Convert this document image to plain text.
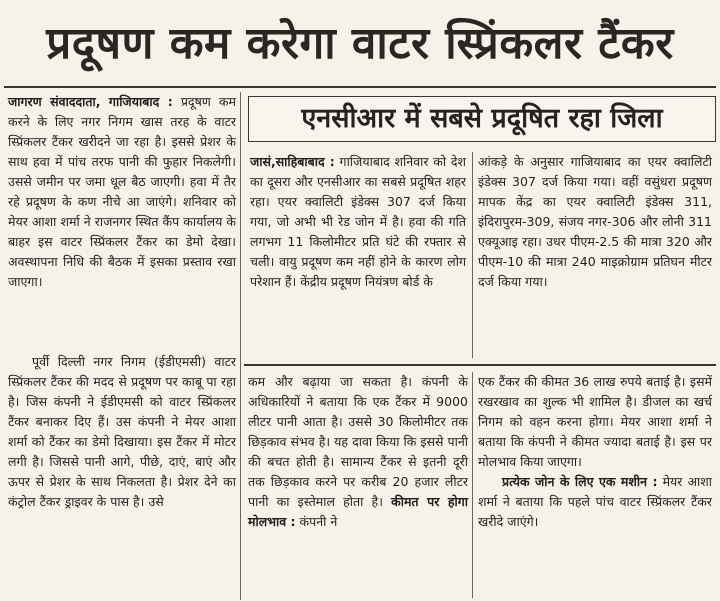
प्रदूषण कम करेगा वाटर स्प्रिंकलर टैंकर

जागरण संवाददाता, गाजियाबाद : प्रदूषण कम करने के लिए नगर निगम खास तरह के वाटर स्प्रिंकलर टैंकर खरीदने जा रहा है। इससे प्रेशर के साथ हवा में पांच तरफ पानी की फुहार निकलेगी। उससे जमीन पर जमा धूल बैठ जाएगी। हवा में तैर रहे प्रदूषण के कण नीचे आ जाएंगे। शनिवार को मेयर आशा शर्मा ने राजनगर स्थित कैंप कार्यालय के बाहर इस वाटर स्प्रिंकलर टैंकर का डेमो देखा। अवस्थापना निधि की बैठक में इसका प्रस्ताव रखा जाएगा।

एनसीआर में सबसे प्रदूषित रहा जिला

जासं,साहिबाबाद : गाजियाबाद शनिवार को देश का दूसरा और एनसीआर का सबसे प्रदूषित शहर रहा। एयर क्वालिटी इंडेक्स 307 दर्ज किया गया, जो अभी भी रेड जोन में है। हवा की गति लगभग 11 किलोमीटर प्रति घंटे की रफ्तार से चली। वायु प्रदूषण कम नहीं होने के कारण लोग परेशान हैं। केंद्रीय प्रदूषण नियंत्रण बोर्ड के

आंकड़े के अनुसार गाजियाबाद का एयर क्वालिटी इंडेक्स 307 दर्ज किया गया। वहीं वसुंधरा प्रदूषण मापक केंद्र का एयर क्वालिटी इंडेक्स 311, इंदिरापुरम-309, संजय नगर-306 और लोनी 311 एक्यूआइ रहा। उधर पीएम-2.5 की मात्रा 320 और पीएम-10 की मात्रा 240 माइक्रोग्राम प्रतिघन मीटर दर्ज किया गया।

पूर्वी दिल्ली नगर निगम (ईडीएमसी) वाटर स्प्रिंकलर टैंकर की मदद से प्रदूषण पर काबू पा रहा है। जिस कंपनी ने ईडीएमसी को वाटर स्प्रिंकलर टैंकर बनाकर दिए हैं। उस कंपनी ने मेयर आशा शर्मा को टैंकर का डेमो दिखाया। इस टैंकर में मोटर लगी है। जिससे पानी आगे, पीछे, दाएं, बाएं और ऊपर से प्रेशर के साथ निकलता है। प्रेशर देने का कंट्रोल टैंकर ड्राइवर के पास है। उसे

कम और बढ़ाया जा सकता है। कंपनी के अधिकारियों ने बताया कि एक टैंकर में 9000 लीटर पानी आता है। उससे 30 किलोमीटर तक छिड़काव संभव है। यह दावा किया कि इससे पानी की बचत होती है। सामान्य टैंकर से इतनी दूरी तक छिड़काव करने पर करीब 20 हजार लीटर पानी का इस्तेमाल होता है। कीमत पर होगा मोलभाव : कंपनी ने

एक टैंकर की कीमत 36 लाख रुपये बताई है। इसमें रखरखाव का शुल्क भी शामिल है। डीजल का खर्च निगम को वहन करना होगा। मेयर आशा शर्मा ने बताया कि कंपनी ने कीमत ज्यादा बताई है। इस पर मोलभाव किया जाएगा।

प्रत्येक जोन के लिए एक मशीन : मेयर आशा शर्मा ने बताया कि पहले पांच वाटर स्प्रिंकलर टैंकर खरीदे जाएंगे।
